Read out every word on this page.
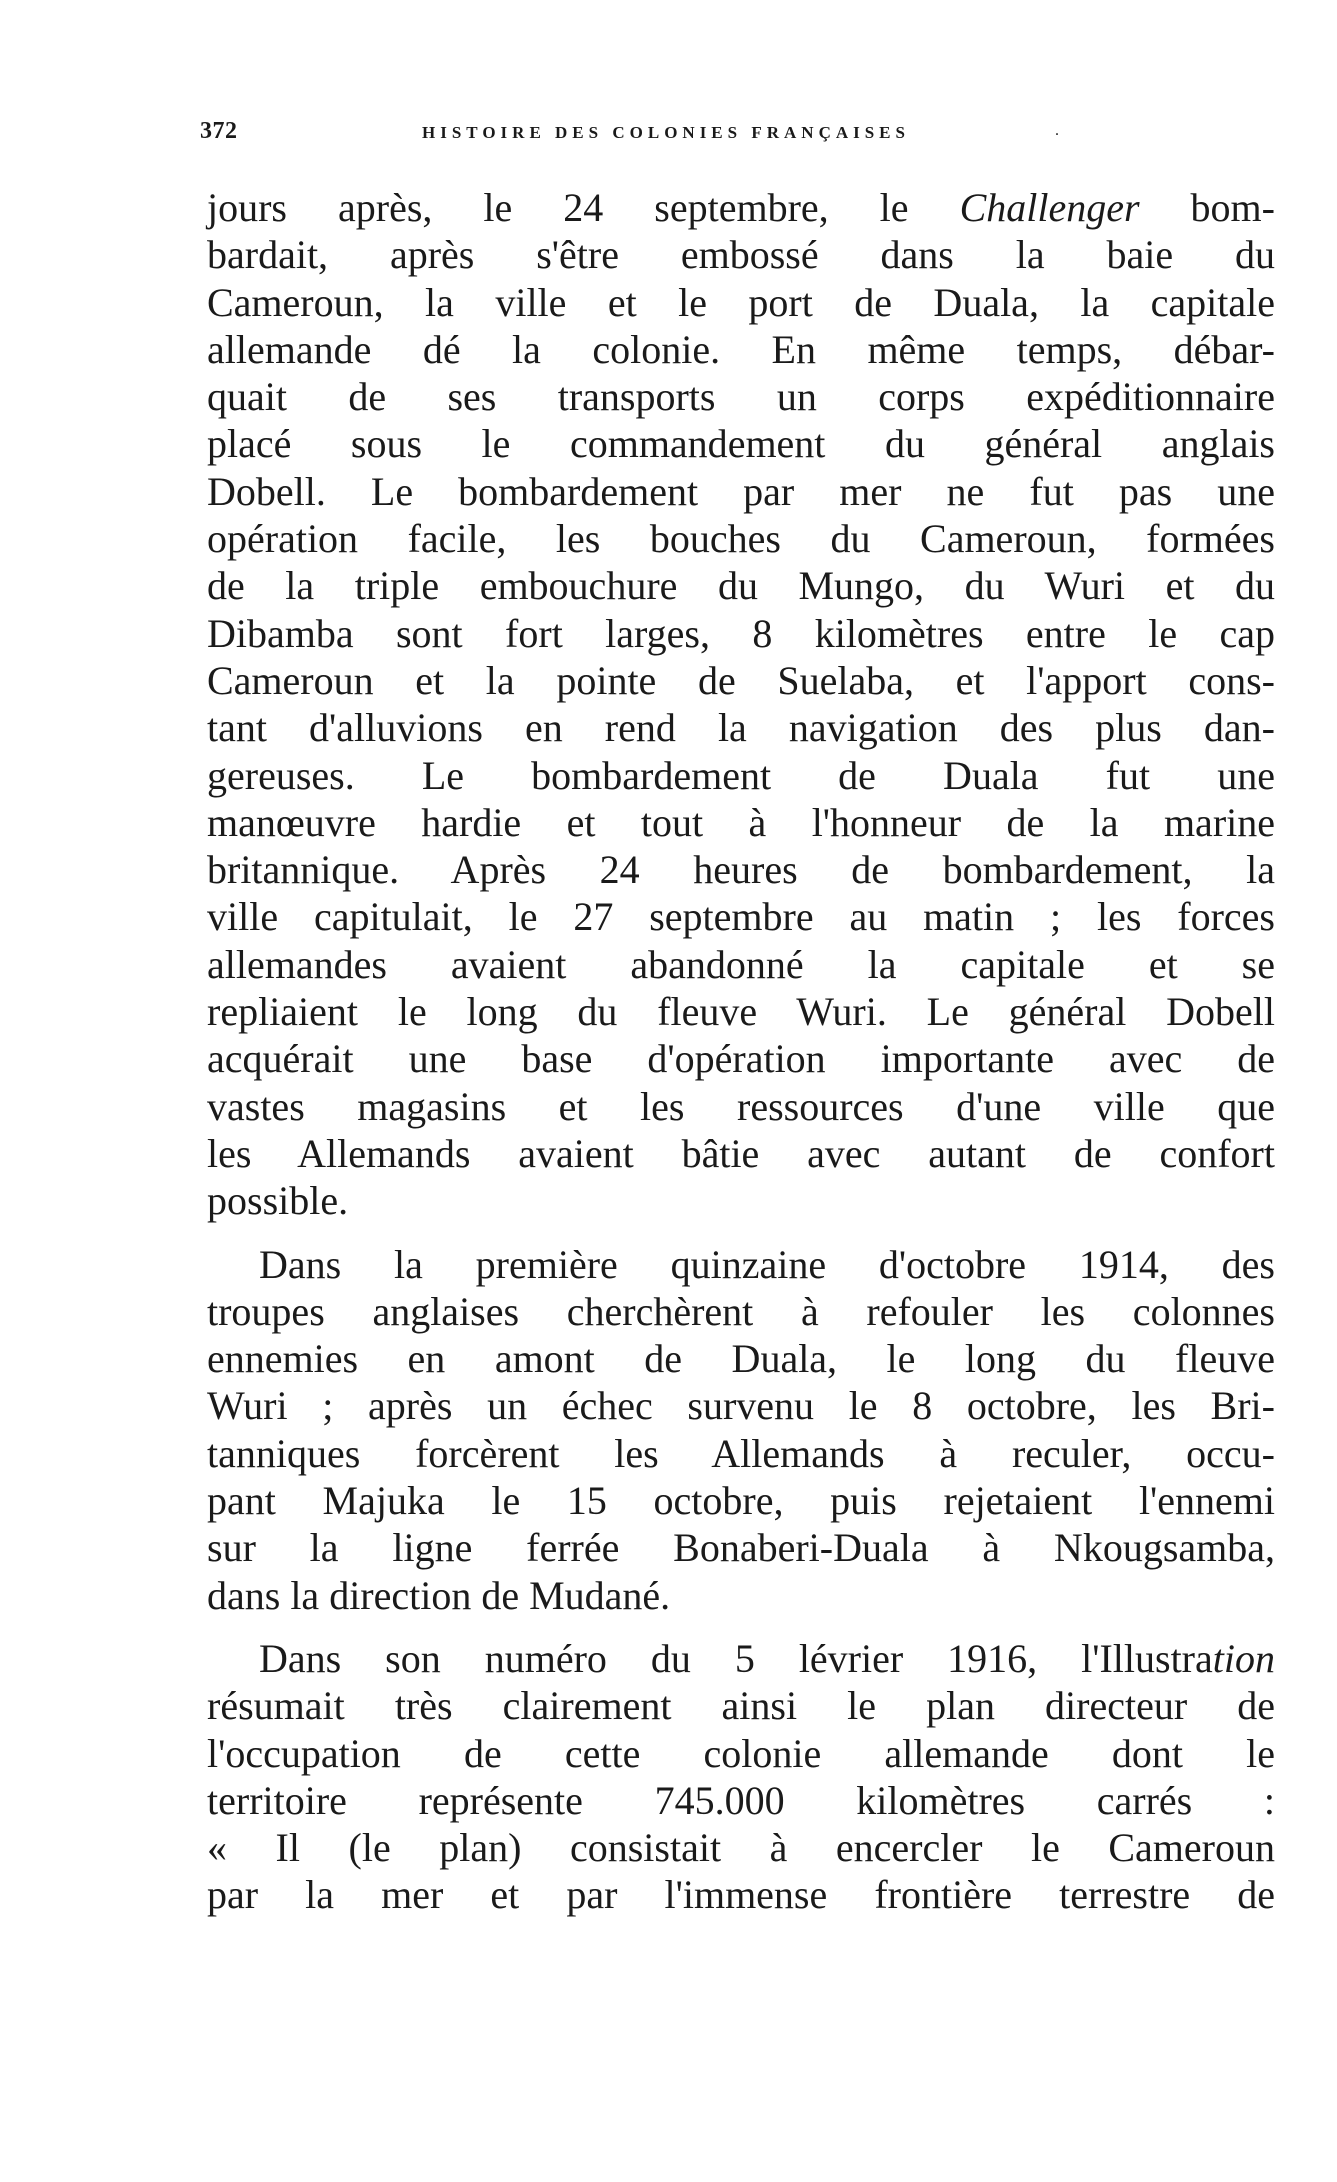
372	HISTOIRE DES COLONIES FRANÇAISES	.
jours après, le 24 septembre, le Challenger bom-
bardait, après s'être embossé dans la baie du
Cameroun, la ville et le port de Duala, la capitale
allemande dé la colonie. En même temps, débar-
quait de ses transports un corps expéditionnaire
placé sous le commandement du général anglais
Dobell. Le bombardement par mer ne fut pas une
opération facile, les bouches du Cameroun, formées
de la triple embouchure du Mungo, du Wuri et du
Dibamba sont fort larges, 8 kilomètres entre le cap
Cameroun et la pointe de Suelaba, et l'apport cons-
tant d'alluvions en rend la navigation des plus dan-
gereuses. Le bombardement de Duala fut une
manœuvre hardie et tout à l'honneur de la marine
britannique. Après 24 heures de bombardement, la
ville capitulait, le 27 septembre au matin ; les forces
allemandes avaient abandonné la capitale et se
repliaient le long du fleuve Wuri. Le général Dobell
acquérait une base d'opération importante avec de
vastes magasins et les ressources d'une ville que
les Allemands avaient bâtie avec autant de confort
possible.
Dans la première quinzaine d'octobre 1914, des
troupes anglaises cherchèrent à refouler les colonnes
ennemies en amont de Duala, le long du fleuve
Wuri ; après un échec survenu le 8 octobre, les Bri-
tanniques forcèrent les Allemands à reculer, occu-
pant Majuka le 15 octobre, puis rejetaient l'ennemi
sur la ligne ferrée Bonaberi-Duala à Nkougsamba,
dans la direction de Mudané.
Dans son numéro du 5 lévrier 1916, l'Illustration
résumait très clairement ainsi le plan directeur de
l'occupation de cette colonie allemande dont le
territoire représente 745.000 kilomètres carrés :
« Il (le plan) consistait à encercler le Cameroun
par la mer et par l'immense frontière terrestre de
